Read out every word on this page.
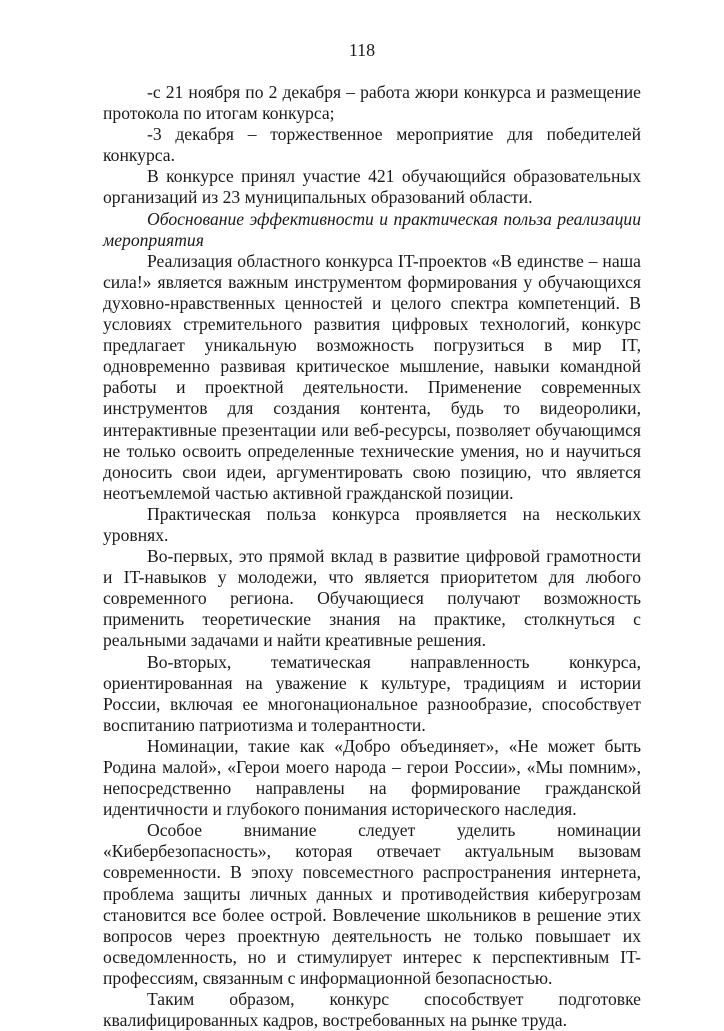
118

-с 21 ноября по 2 декабря – работа жюри конкурса и размещение протокола по итогам конкурса;

-3 декабря – торжественное мероприятие для победителей конкурса.

В конкурсе принял участие 421 обучающийся образовательных организаций из 23 муниципальных образований области.

Обоснование эффективности и практическая польза реализации мероприятия

Реализация областного конкурса IT-проектов «В единстве – наша сила!» является важным инструментом формирования у обучающихся духовно-нравственных ценностей и целого спектра компетенций. В условиях стремительного развития цифровых технологий, конкурс предлагает уникальную возможность погрузиться в мир IT, одновременно развивая критическое мышление, навыки командной работы и проектной деятельности. Применение современных инструментов для создания контента, будь то видеоролики, интерактивные презентации или веб-ресурсы, позволяет обучающимся не только освоить определенные технические умения, но и научиться доносить свои идеи, аргументировать свою позицию, что является неотъемлемой частью активной гражданской позиции.

Практическая польза конкурса проявляется на нескольких уровнях.

Во-первых, это прямой вклад в развитие цифровой грамотности и IT-навыков у молодежи, что является приоритетом для любого современного региона. Обучающиеся получают возможность применить теоретические знания на практике, столкнуться с реальными задачами и найти креативные решения.

Во-вторых, тематическая направленность конкурса, ориентированная на уважение к культуре, традициям и истории России, включая ее многонациональное разнообразие, способствует воспитанию патриотизма и толерантности.

Номинации, такие как «Добро объединяет», «Не может быть Родина малой», «Герои моего народа – герои России», «Мы помним», непосредственно направлены на формирование гражданской идентичности и глубокого понимания исторического наследия.

Особое внимание следует уделить номинации «Кибербезопасность», которая отвечает актуальным вызовам современности. В эпоху повсеместного распространения интернета, проблема защиты личных данных и противодействия киберугрозам становится все более острой. Вовлечение школьников в решение этих вопросов через проектную деятельность не только повышает их осведомленность, но и стимулирует интерес к перспективным IT-профессиям, связанным с информационной безопасностью.

Таким образом, конкурс способствует подготовке квалифицированных кадров, востребованных на рынке труда.
